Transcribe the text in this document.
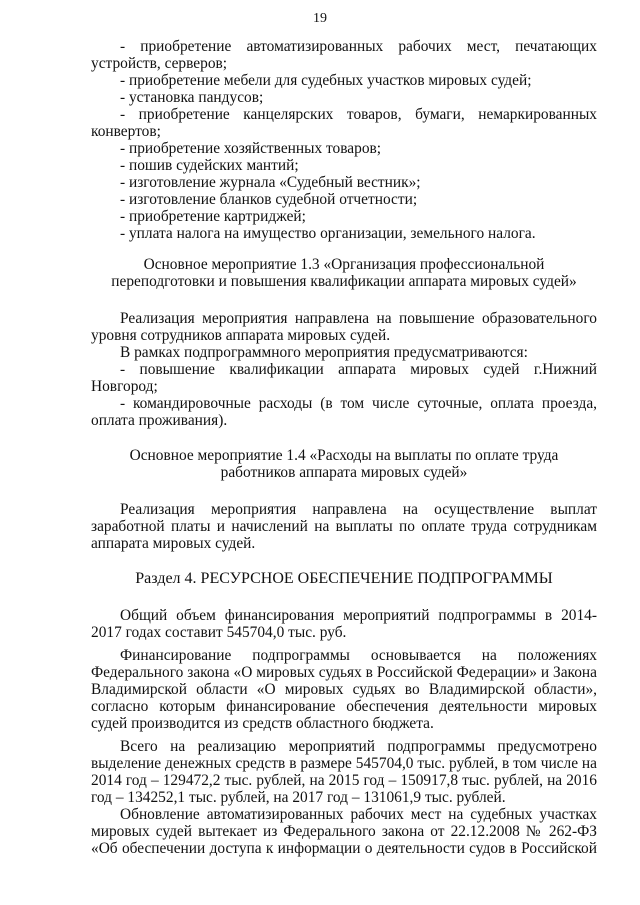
19
- приобретение автоматизированных рабочих мест, печатающих устройств, серверов;
- приобретение мебели для судебных участков мировых судей;
- установка пандусов;
- приобретение канцелярских товаров, бумаги, немаркированных конвертов;
- приобретение хозяйственных товаров;
- пошив судейских мантий;
- изготовление журнала «Судебный вестник»;
- изготовление бланков судебной отчетности;
- приобретение картриджей;
- уплата налога на имущество организации, земельного налога.

Основное мероприятие 1.3 «Организация профессиональной переподготовки и повышения квалификации аппарата мировых судей»

Реализация мероприятия направлена на повышение образовательного уровня сотрудников аппарата мировых судей.

В рамках подпрограммного мероприятия предусматриваются:

- повышение квалификации аппарата мировых судей г.Нижний Новгород;
- командировочные расходы (в том числе суточные, оплата проезда, оплата проживания).

Основное мероприятие 1.4 «Расходы на выплаты по оплате труда работников аппарата мировых судей»

Реализация мероприятия направлена на осуществление выплат заработной платы и начислений на выплаты по оплате труда сотрудникам аппарата мировых судей.

Раздел 4. РЕСУРСНОЕ ОБЕСПЕЧЕНИЕ ПОДПРОГРАММЫ

Общий объем финансирования мероприятий подпрограммы в 2014-2017 годах составит 545704,0 тыс. руб.

Финансирование подпрограммы основывается на положениях Федерального закона «О мировых судьях в Российской Федерации» и Закона Владимирской области «О мировых судьях во Владимирской области», согласно которым финансирование обеспечения деятельности мировых судей производится из средств областного бюджета.

Всего на реализацию мероприятий подпрограммы предусмотрено выделение денежных средств в размере 545704,0 тыс. рублей, в том числе на 2014 год – 129472,2 тыс. рублей, на 2015 год – 150917,8 тыс. рублей, на 2016 год – 134252,1 тыс. рублей, на 2017 год – 131061,9 тыс. рублей.

Обновление автоматизированных рабочих мест на судебных участках мировых судей вытекает из Федерального закона от 22.12.2008 № 262-ФЗ «Об обеспечении доступа к информации о деятельности судов в Российской
